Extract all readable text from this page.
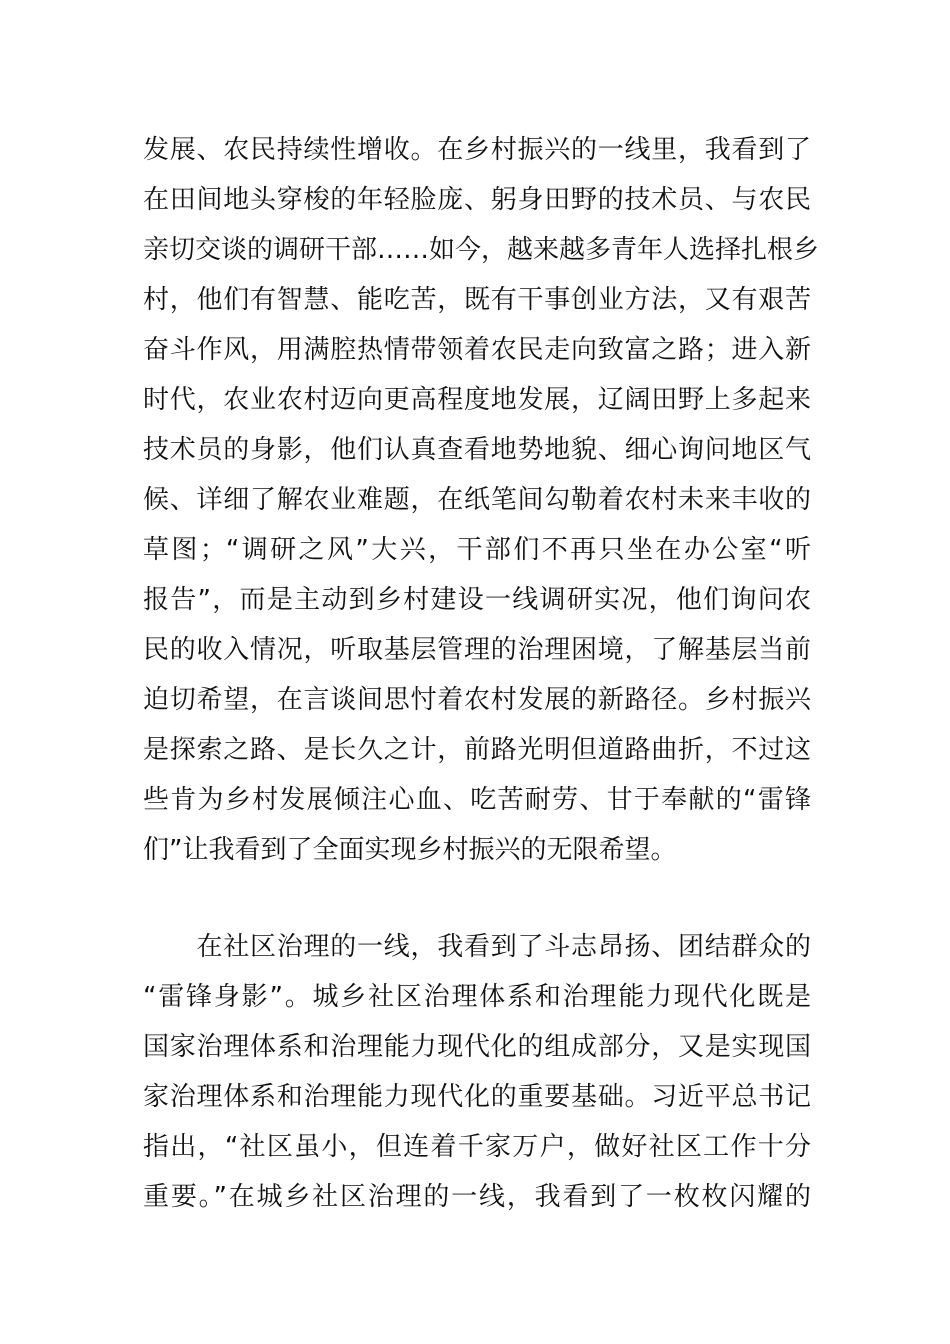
发展、农民持续性增收。在乡村振兴的一线里，我看到了
在田间地头穿梭的年轻脸庞、躬身田野的技术员、与农民
亲切交谈的调研干部……如今，越来越多青年人选择扎根乡
村，他们有智慧、能吃苦，既有干事创业方法，又有艰苦
奋斗作风，用满腔热情带领着农民走向致富之路；进入新
时代，农业农村迈向更高程度地发展，辽阔田野上多起来
技术员的身影，他们认真查看地势地貌、细心询问地区气
候、详细了解农业难题，在纸笔间勾勒着农村未来丰收的
草图；“调研之风”大兴，干部们不再只坐在办公室“听
报告”，而是主动到乡村建设一线调研实况，他们询问农
民的收入情况，听取基层管理的治理困境，了解基层当前
迫切希望，在言谈间思忖着农村发展的新路径。乡村振兴
是探索之路、是长久之计，前路光明但道路曲折，不过这
些肯为乡村发展倾注心血、吃苦耐劳、甘于奉献的“雷锋
们”让我看到了全面实现乡村振兴的无限希望。
　　在社区治理的一线，我看到了斗志昂扬、团结群众的
“雷锋身影”。城乡社区治理体系和治理能力现代化既是
国家治理体系和治理能力现代化的组成部分，又是实现国
家治理体系和治理能力现代化的重要基础。习近平总书记
指出，“社区虽小，但连着千家万户，做好社区工作十分
重要。”在城乡社区治理的一线，我看到了一枚枚闪耀的
